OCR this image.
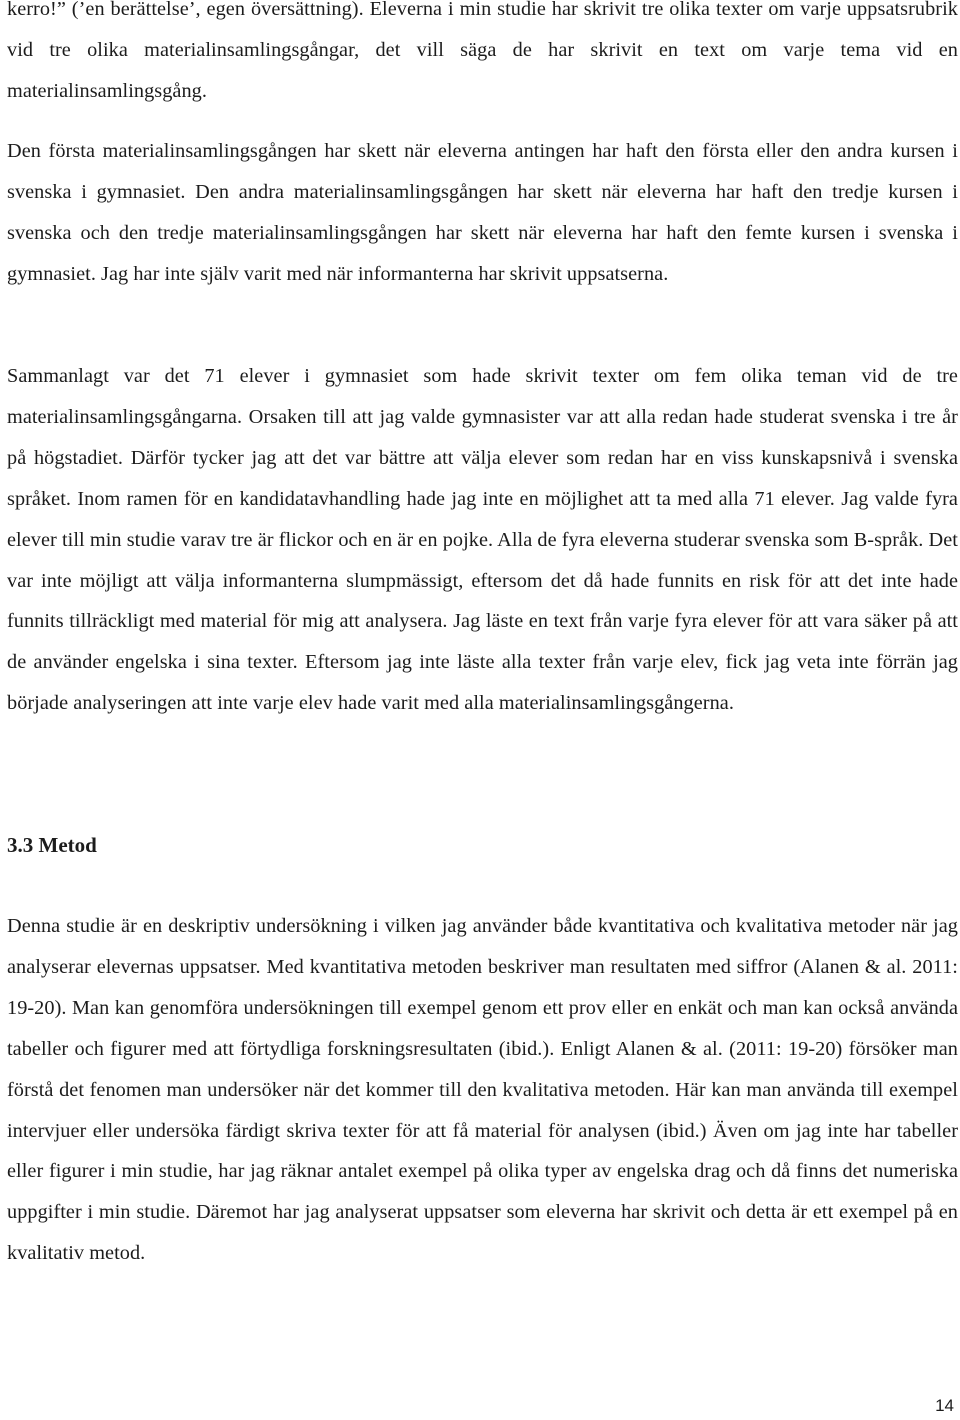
kerro!” (’en berättelse’, egen översättning). Eleverna i min studie har skrivit tre olika texter om varje uppsatsrubrik vid tre olika materialinsamlingsgångar, det vill säga de har skrivit en text om varje tema vid en materialinsamlingsgång.

Den första materialinsamlingsgången har skett när eleverna antingen har haft den första eller den andra kursen i svenska i gymnasiet. Den andra materialinsamlingsgången har skett när eleverna har haft den tredje kursen i svenska och den tredje materialinsamlingsgången har skett när eleverna har haft den femte kursen i svenska i gymnasiet. Jag har inte själv varit med när informanterna har skrivit uppsatserna.

Sammanlagt var det 71 elever i gymnasiet som hade skrivit texter om fem olika teman vid de tre materialinsamlingsgångarna. Orsaken till att jag valde gymnasister var att alla redan hade studerat svenska i tre år på högstadiet. Därför tycker jag att det var bättre att välja elever som redan har en viss kunskapsnivå i svenska språket. Inom ramen för en kandidatavhandling hade jag inte en möjlighet att ta med alla 71 elever. Jag valde fyra elever till min studie varav tre är flickor och en är en pojke. Alla de fyra eleverna studerar svenska som B-språk. Det var inte möjligt att välja informanterna slumpmässigt, eftersom det då hade funnits en risk för att det inte hade funnits tillräckligt med material för mig att analysera. Jag läste en text från varje fyra elever för att vara säker på att de använder engelska i sina texter. Eftersom jag inte läste alla texter från varje elev, fick jag veta inte förrän jag började analyseringen att inte varje elev hade varit med alla materialinsamlingsgångerna.

3.3 Metod

Denna studie är en deskriptiv undersökning i vilken jag använder både kvantitativa och kvalitativa metoder när jag analyserar elevernas uppsatser. Med kvantitativa metoden beskriver man resultaten med siffror (Alanen & al. 2011: 19-20). Man kan genomföra undersökningen till exempel genom ett prov eller en enkät och man kan också använda tabeller och figurer med att förtydliga forskningsresultaten (ibid.). Enligt Alanen & al. (2011: 19-20) försöker man förstå det fenomen man undersöker när det kommer till den kvalitativa metoden. Här kan man använda till exempel intervjuer eller undersöka färdigt skriva texter för att få material för analysen (ibid.) Även om jag inte har tabeller eller figurer i min studie, har jag räknar antalet exempel på olika typer av engelska drag och då finns det numeriska uppgifter i min studie. Däremot har jag analyserat uppsatser som eleverna har skrivit och detta är ett exempel på en kvalitativ metod.

14
